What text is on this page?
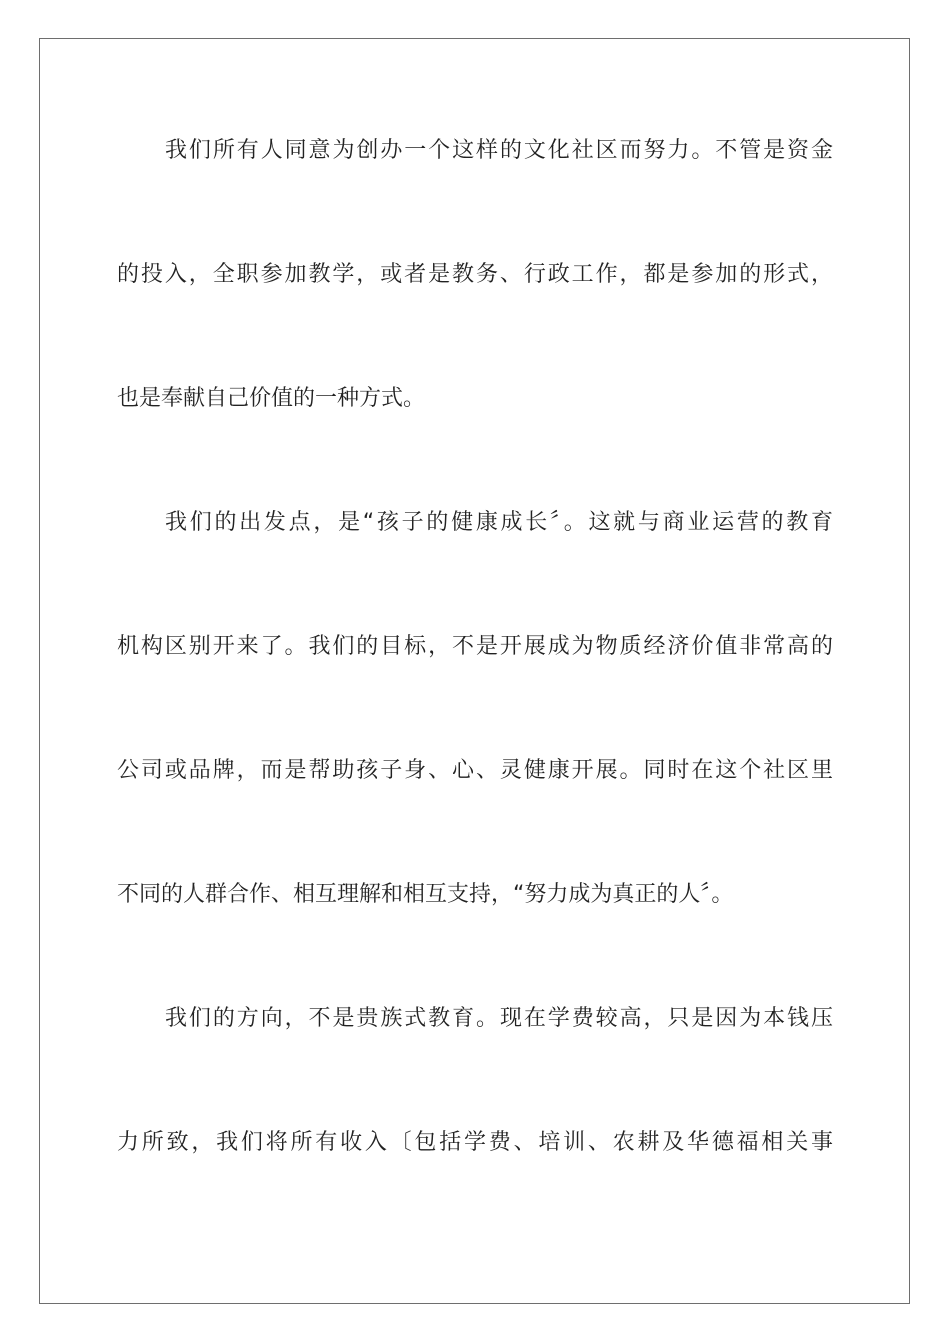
我们所有人同意为创办一个这样的文化社区而努力。不管是资金
的投入，全职参加教学，或者是教务、行政工作，都是参加的形式，
也是奉献自己价值的一种方式。
我们的出发点，是“孩子的健康成长〞。这就与商业运营的教育
机构区别开来了。我们的目标，不是开展成为物质经济价值非常高的
公司或品牌，而是帮助孩子身、心、灵健康开展。同时在这个社区里
不同的人群合作、相互理解和相互支持，“努力成为真正的人〞。
我们的方向，不是贵族式教育。现在学费较高，只是因为本钱压
力所致，我们将所有收入〔包括学费、培训、农耕及华德福相关事
